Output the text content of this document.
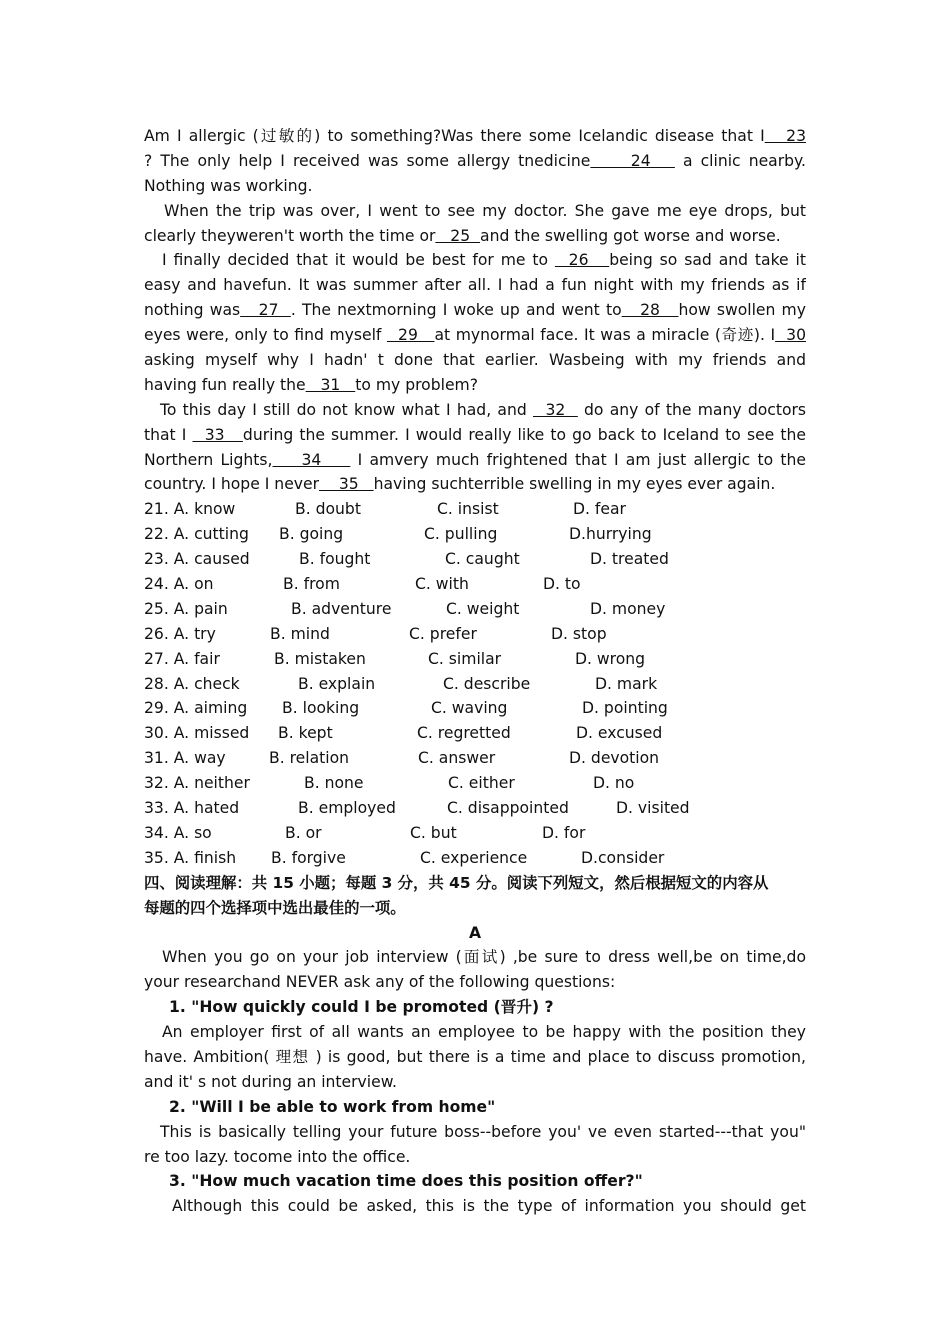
Am I allergic (过敏的) to something?Was there some Icelandic disease that I   23
? The only help I received was some allergy tnedicine     24    a clinic nearby.
Nothing was working.
When the trip was over, I went to see my doctor. She gave me eye drops, but
clearly theyweren't worth the time or   25  and the swelling got worse and worse.
I finally decided that it would be best for me to   26   being so sad and take it
easy and havefun. It was summer after all. I had a fun night with my friends as if
nothing was   27  . The nextmorning I woke up and went to   28   how swollen my
eyes were, only to find myself   29   at mynormal face. It was a miracle (奇迹). I  30
asking myself why I hadn' t done that earlier. Wasbeing with my friends and
having fun really the   31   to my problem?
To this day I still do not know what I had, and   32   do any of the many doctors
that I   33   during the summer. I would really like to go back to Iceland to see the
Northern Lights,    34     I amvery much frightened that I am just allergic to the
country. I hope I never    35   having suchterrible swelling in my eyes ever again.
21. A. know	B. doubt	C. insist	D. fear
22. A. cutting B. going	C. pulling	D.hurrying
23. A. caused	B. fought	C. caught	D. treated
24. A. on	B. from	C. with	D. to
25. A. pain	B. adventure	C. weight	D. money
26. A. try	B. mind	C. prefer	D. stop
27. A. fair	B. mistaken	C. similar	D. wrong
28. A. check	B. explain	C. describe	D. mark
29. A. aiming B. looking	C. waving	D. pointing
30. A. missed B. kept	C. regretted	D. excused
31. A. way	B. relation	C. answer	D. devotion
32. A. neither	B. none	C. either	D. no
33. A. hated	B. employed	C. disappointed	D. visited
34. A. so	B. or	C. but	D. for
35. A. finish B. forgive	C. experience	D.consider
四、阅读理解：共 15 小题；每题 3 分，共 45 分。阅读下列短文，然后根据短文的内容从
每题的四个选择项中选出最佳的一项。
A
When you go on your job interview (面试) ,be sure to dress well,be on time,do
your researchand NEVER ask any of the following questions:
1. "How quickly could I be promoted (晋升) ?
An employer first of all wants an employee to be happy with the position they
have. Ambition( 理想 ) is good, but there is a time and place to discuss promotion,
and it' s not during an interview.
2. "Will I be able to work from home"
This is basically telling your future boss--before you' ve even started---that you"
re too lazy. tocome into the office.
3. "How much vacation time does this position offer?"
Although this could be asked, this is the type of information you should get
